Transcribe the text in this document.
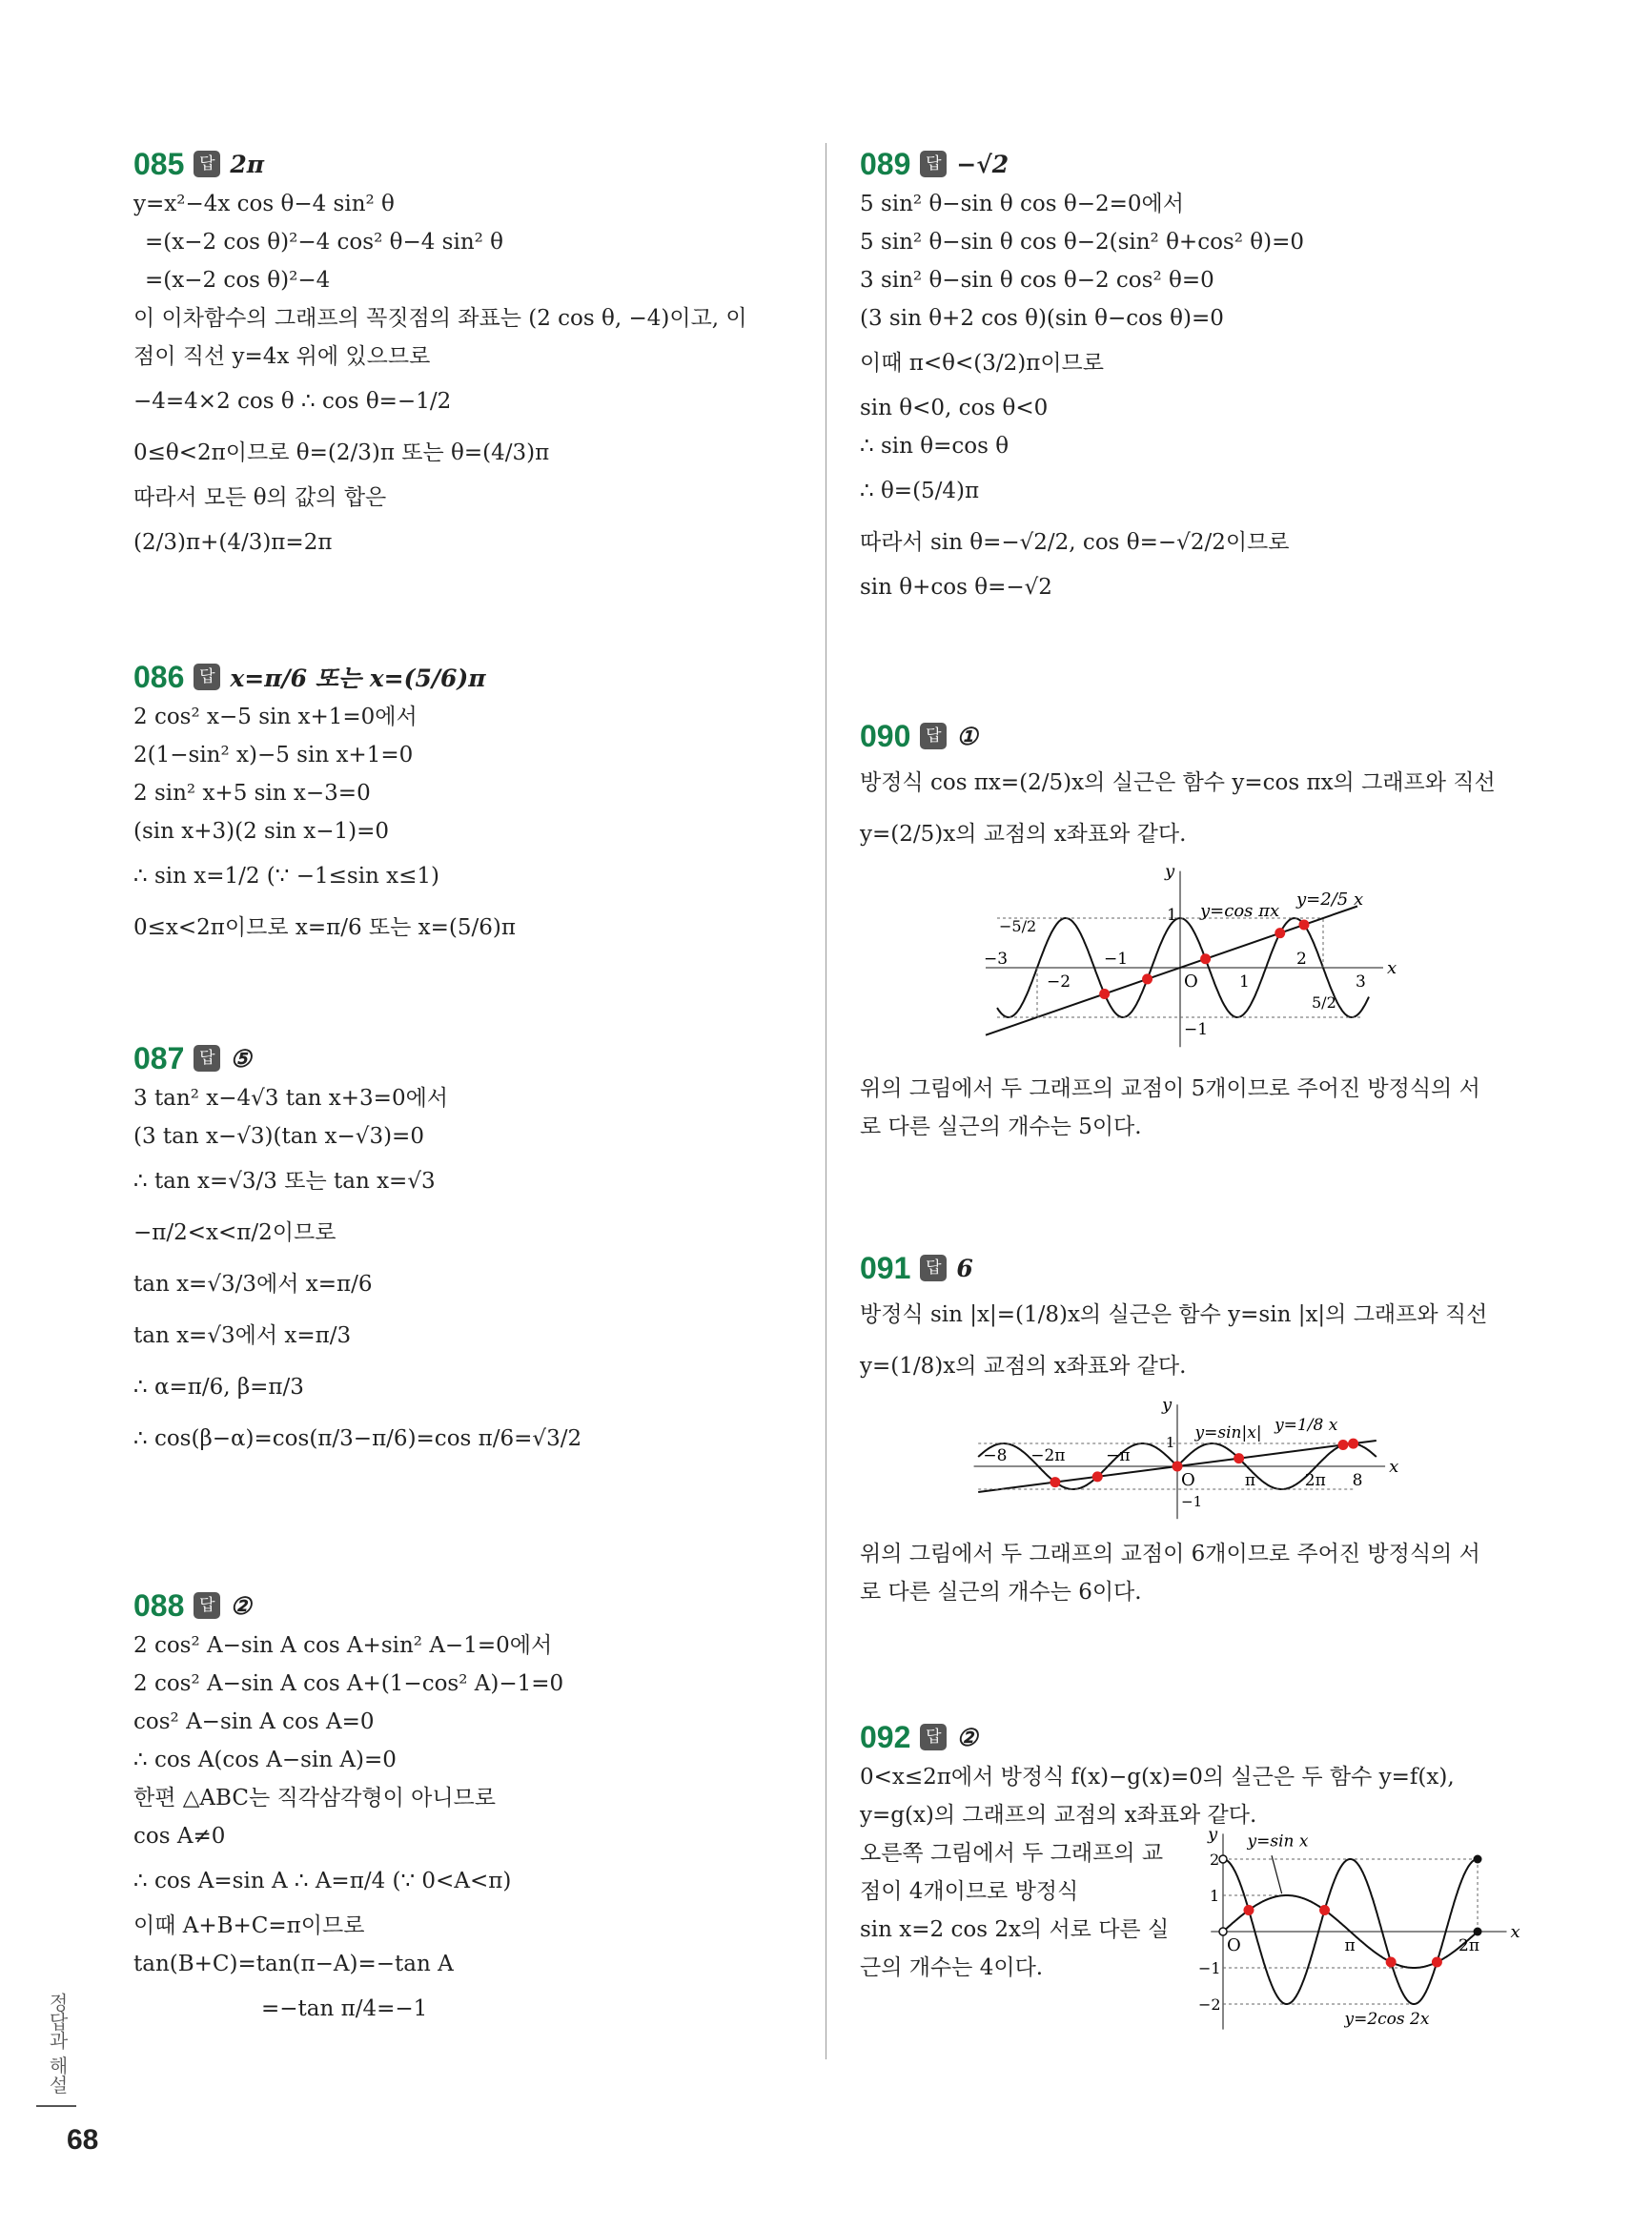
085 답 2π
y=x²−4x cos θ−4 sin² θ
=(x−2 cos θ)²−4 cos² θ−4 sin² θ
=(x−2 cos θ)²−4
이 이차함수의 그래프의 꼭짓점의 좌표는 (2 cos θ, −4)이고, 이
점이 직선 y=4x 위에 있으므로
−4=4×2 cos θ ∴ cos θ=−1/2
0≤θ<2π이므로 θ=(2/3)π 또는 θ=(4/3)π
따라서 모든 θ의 값의 합은
(2/3)π+(4/3)π=2π
086 답 x=π/6 또는 x=(5/6)π
2 cos² x−5 sin x+1=0에서
2(1−sin² x)−5 sin x+1=0
2 sin² x+5 sin x−3=0
(sin x+3)(2 sin x−1)=0
∴ sin x=1/2 (∵ −1≤sin x≤1)
0≤x<2π이므로 x=π/6 또는 x=(5/6)π
087 답 ⑤
3 tan² x−4√3 tan x+3=0에서
(3 tan x−√3)(tan x−√3)=0
∴ tan x=√3/3 또는 tan x=√3
−π/2<x<π/2이므로
tan x=√3/3에서 x=π/6
tan x=√3에서 x=π/3
∴ α=π/6, β=π/3
∴ cos(β−α)=cos(π/3−π/6)=cos π/6=√3/2
088 답 ②
2 cos² A−sin A cos A+sin² A−1=0에서
2 cos² A−sin A cos A+(1−cos² A)−1=0
cos² A−sin A cos A=0
∴ cos A(cos A−sin A)=0
한편 △ABC는 직각삼각형이 아니므로
cos A≠0
∴ cos A=sin A ∴ A=π/4 (∵ 0<A<π)
이때 A+B+C=π이므로
tan(B+C)=tan(π−A)=−tan A
=−tan π/4=−1
089 답 −√2
5 sin² θ−sin θ cos θ−2=0에서
5 sin² θ−sin θ cos θ−2(sin² θ+cos² θ)=0
3 sin² θ−sin θ cos θ−2 cos² θ=0
(3 sin θ+2 cos θ)(sin θ−cos θ)=0
이때 π<θ<(3/2)π이므로
sin θ<0, cos θ<0
∴ sin θ=cos θ
∴ θ=(5/4)π
따라서 sin θ=−√2/2, cos θ=−√2/2이므로
sin θ+cos θ=−√2
090 답 ①
방정식 cos πx=(2/5)x의 실근은 함수 y=cos πx의 그래프와 직선
y=(2/5)x의 교점의 x좌표와 같다.
x
y
O
−3
−2
−1
1
2
3
1
−1
−5/2
5/2
y=cos πx
y=2/5 x
위의 그림에서 두 그래프의 교점이 5개이므로 주어진 방정식의 서
로 다른 실근의 개수는 5이다.
091 답 6
방정식 sin |x|=(1/8)x의 실근은 함수 y=sin |x|의 그래프와 직선
y=(1/8)x의 교점의 x좌표와 같다.
x
y
O
−8 −2π	−π
π	2π 8
1
−1
y=sin|x| y=1/8 x
위의 그림에서 두 그래프의 교점이 6개이므로 주어진 방정식의 서
로 다른 실근의 개수는 6이다.
092 답 ②
0<x≤2π에서 방정식 f(x)−g(x)=0의 실근은 두 함수 y=f(x),
y=g(x)의 그래프의 교점의 x좌표와 같다.
오른쪽 그림에서 두 그래프의 교
점이 4개이므로 방정식
sin x=2 cos 2x의 서로 다른 실
근의 개수는 4이다.
x
y
O	π	2π
2
1
−1
−2
y=sin x
y=2cos 2x
정답과 해설
68
